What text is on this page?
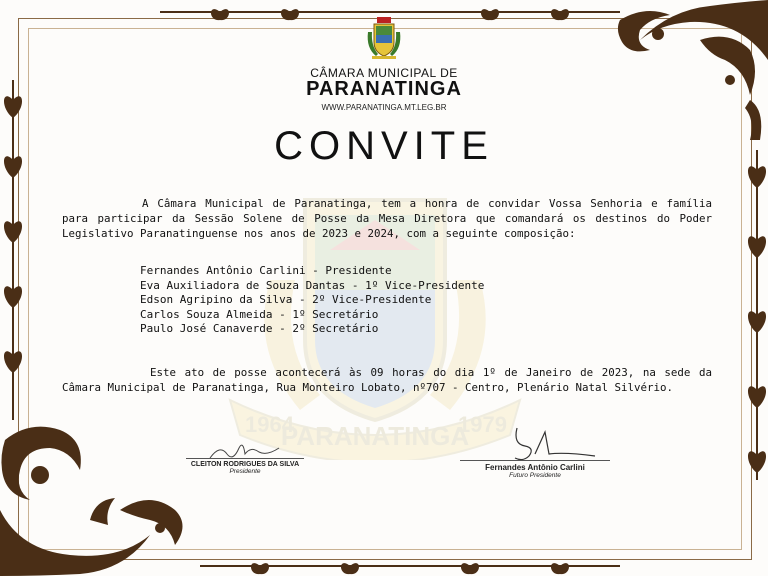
1964
PARANATINGA
1979
CÂMARA MUNICIPAL DE
PARANATINGA
WWW.PARANATINGA.MT.LEG.BR
CONVITE
A Câmara Municipal de Paranatinga, tem a honra de convidar Vossa Senhoria e família para participar da Sessão Solene de Posse da Mesa Diretora que comandará os destinos do Poder Legislativo Paranatinguense nos anos de 2023 e 2024, com a seguinte composição:
Fernandes Antônio Carlini - Presidente
Eva Auxiliadora de Souza Dantas - 1º Vice-Presidente
Edson Agripino da Silva - 2º Vice-Presidente
Carlos Souza Almeida - 1º Secretário
Paulo José Canaverde - 2º Secretário
Este ato de posse acontecerá às 09 horas do dia 1º de Janeiro de 2023, na sede da Câmara Municipal de Paranatinga, Rua Monteiro Lobato, nº707 - Centro, Plenário Natal Silvério.
CLEITON RODRIGUES DA SILVA
Presidente	Fernandes Antônio Carlini
Futuro Presidente
